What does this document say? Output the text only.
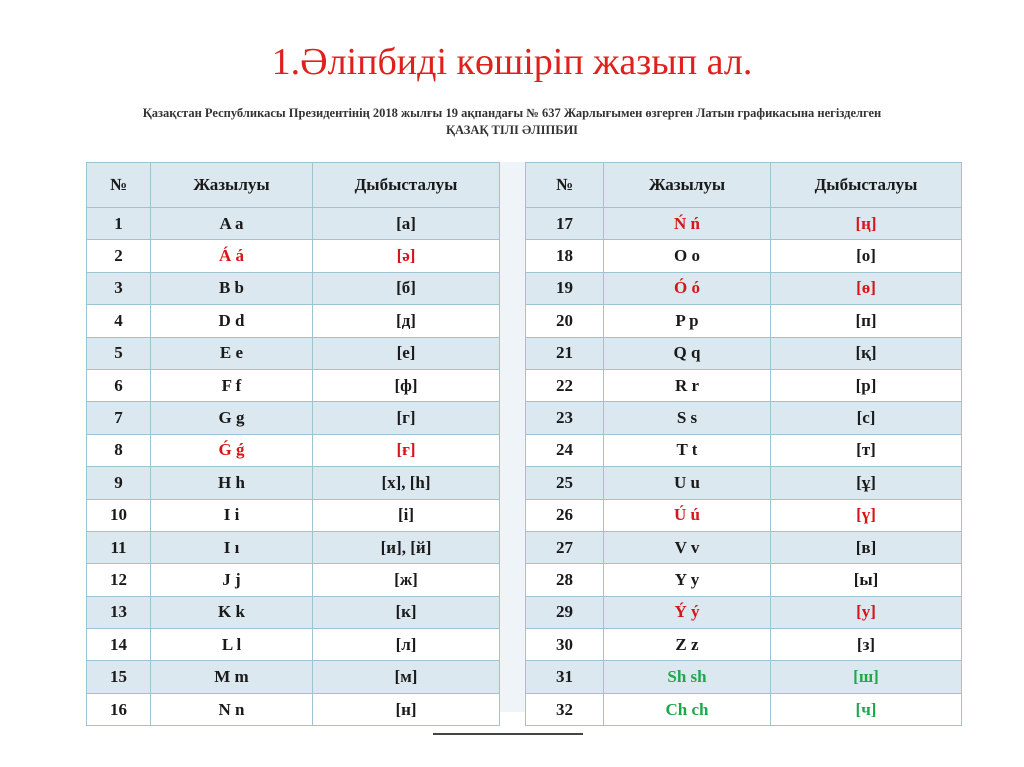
1.Әліпбиді көшіріп жазып ал.
Қазақстан Республикасы Президентінің 2018 жылғы 19 ақпандағы № 637 Жарлығымен өзгерген Латын графикасына негізделген
ҚАЗАҚ ТІЛІ ӘЛІПБИІ
№	Жазылуы	Дыбысталуы
1	A a	[а]
2	Á á	[ә]
3	B b	[б]
4	D d	[д]
5	E e	[е]
6	F f	[ф]
7	G g	[г]
8	Ǵ ǵ	[ғ]
9	H h	[х], [һ]
10	I i	[і]
11	I ı	[и], [й]
12	J j	[ж]
13	K k	[к]
14	L l	[л]
15	M m	[м]
16	N n	[н]
№	Жазылуы	Дыбысталуы
17	Ń ń	[ң]
18	O o	[о]
19	Ó ó	[ө]
20	P p	[п]
21	Q q	[қ]
22	R r	[р]
23	S s	[с]
24	T t	[т]
25	U u	[ұ]
26	Ú ú	[ү]
27	V v	[в]
28	Y y	[ы]
29	Ý ý	[у]
30	Z z	[з]
31	Sh sh	[ш]
32	Ch ch	[ч]
